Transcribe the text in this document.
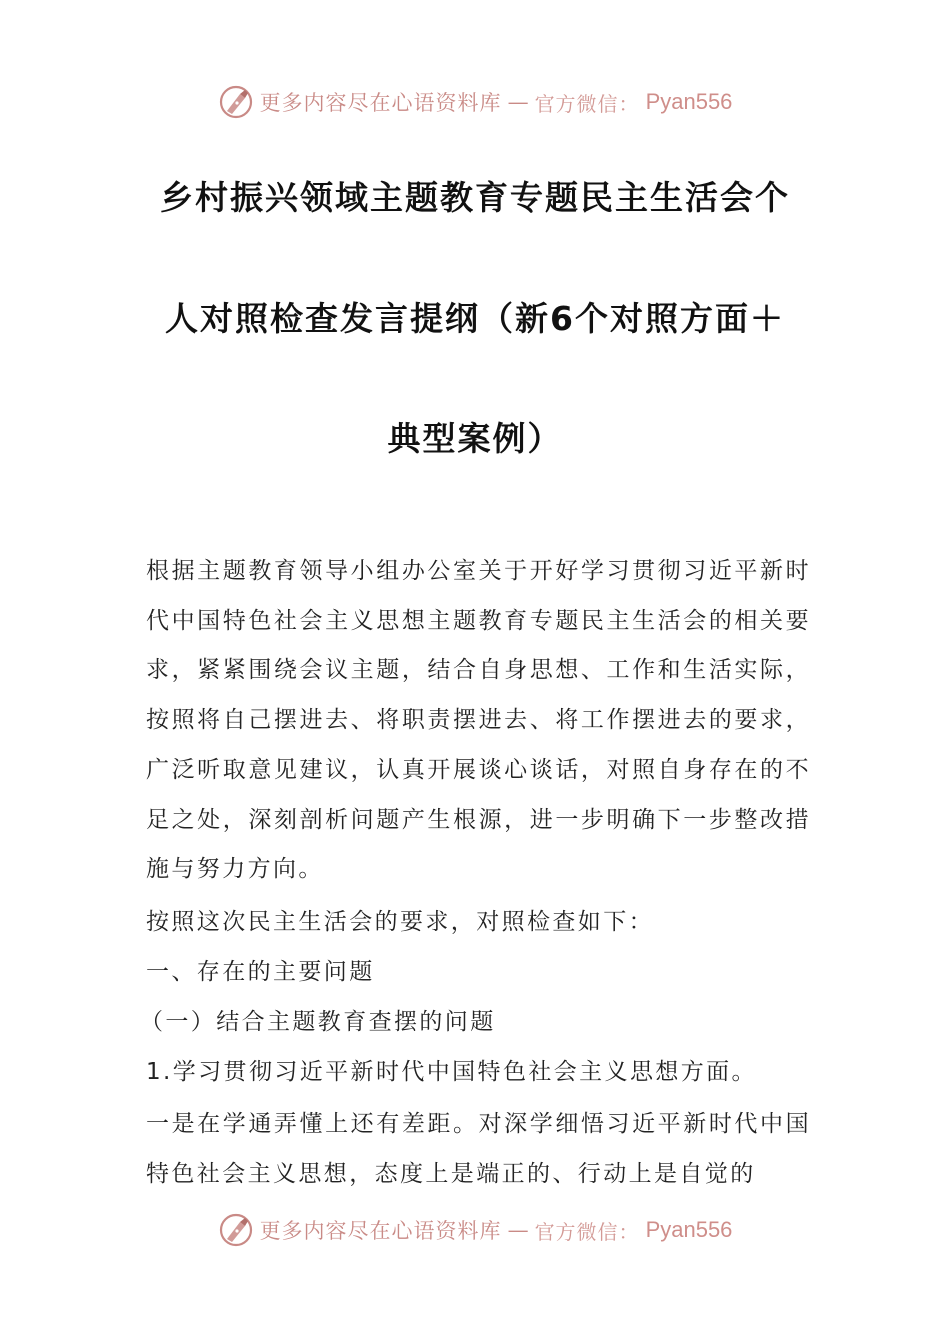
更多内容尽在心语资料库 — 官方微信： Pyan556
乡村振兴领域主题教育专题民主生活会个
人对照检查发言提纲（新6个对照方面＋
典型案例）
根据主题教育领导小组办公室关于开好学习贯彻习近平新时代中国特色社会主义思想主题教育专题民主生活会的相关要求，紧紧围绕会议主题，结合自身思想、工作和生活实际，按照将自己摆进去、将职责摆进去、将工作摆进去的要求，广泛听取意见建议，认真开展谈心谈话，对照自身存在的不足之处，深刻剖析问题产生根源，进一步明确下一步整改措施与努力方向。
按照这次民主生活会的要求，对照检查如下：
一、存在的主要问题
（一）结合主题教育查摆的问题
1.学习贯彻习近平新时代中国特色社会主义思想方面。
一是在学通弄懂上还有差距。对深学细悟习近平新时代中国特色社会主义思想，态度上是端正的、行动上是自觉的
更多内容尽在心语资料库 — 官方微信： Pyan556
